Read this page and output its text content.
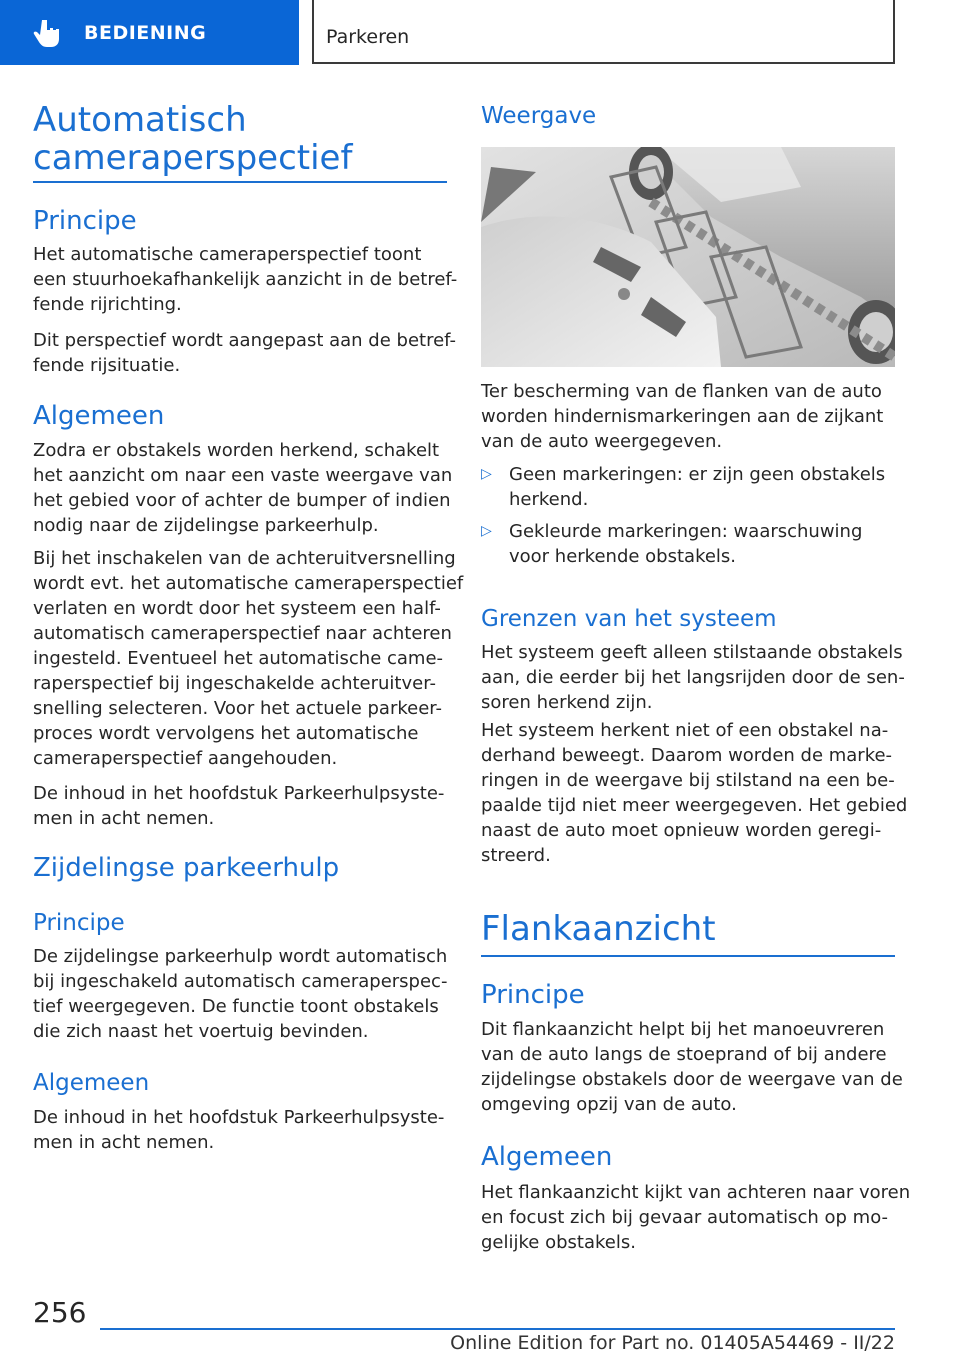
BEDIENING	Parkeren
Automatisch
cameraperspectief
Principe
Het automatische cameraperspectief toont
een stuurhoekafhankelijk aanzicht in de betref-
fende rijrichting.
Dit perspectief wordt aangepast aan de betref-
fende rijsituatie.
Algemeen
Zodra er obstakels worden herkend, schakelt
het aanzicht om naar een vaste weergave van
het gebied voor of achter de bumper of indien
nodig naar de zijdelingse parkeerhulp.
Bij het inschakelen van de achteruitversnelling
wordt evt. het automatische cameraperspectief
verlaten en wordt door het systeem een half-
automatisch cameraperspectief naar achteren
ingesteld. Eventueel het automatische came-
raperspectief bij ingeschakelde achteruitver-
snelling selecteren. Voor het actuele parkeer-
proces wordt vervolgens het automatische
cameraperspectief aangehouden.
De inhoud in het hoofdstuk Parkeerhulpsyste-
men in acht nemen.
Zijdelingse parkeerhulp
Principe
De zijdelingse parkeerhulp wordt automatisch
bij ingeschakeld automatisch cameraperspec-
tief weergegeven. De functie toont obstakels
die zich naast het voertuig bevinden.
Algemeen
De inhoud in het hoofdstuk Parkeerhulpsyste-
men in acht nemen.
Weergave
Ter bescherming van de flanken van de auto
worden hindernismarkeringen aan de zijkant
van de auto weergegeven.
▷ Geen markeringen: er zijn geen obstakels
herkend.
▷ Gekleurde markeringen: waarschuwing
voor herkende obstakels.
Grenzen van het systeem
Het systeem geeft alleen stilstaande obstakels
aan, die eerder bij het langsrijden door de sen-
soren herkend zijn.
Het systeem herkent niet of een obstakel na-
derhand beweegt. Daarom worden de marke-
ringen in de weergave bij stilstand na een be-
paalde tijd niet meer weergegeven. Het gebied
naast de auto moet opnieuw worden geregi-
streerd.
Flankaanzicht
Principe
Dit flankaanzicht helpt bij het manoeuvreren
van de auto langs de stoeprand of bij andere
zijdelingse obstakels door de weergave van de
omgeving opzij van de auto.
Algemeen
Het flankaanzicht kijkt van achteren naar voren
en focust zich bij gevaar automatisch op mo-
gelijke obstakels.
256
Online Edition for Part no. 01405A54469 - II/22
